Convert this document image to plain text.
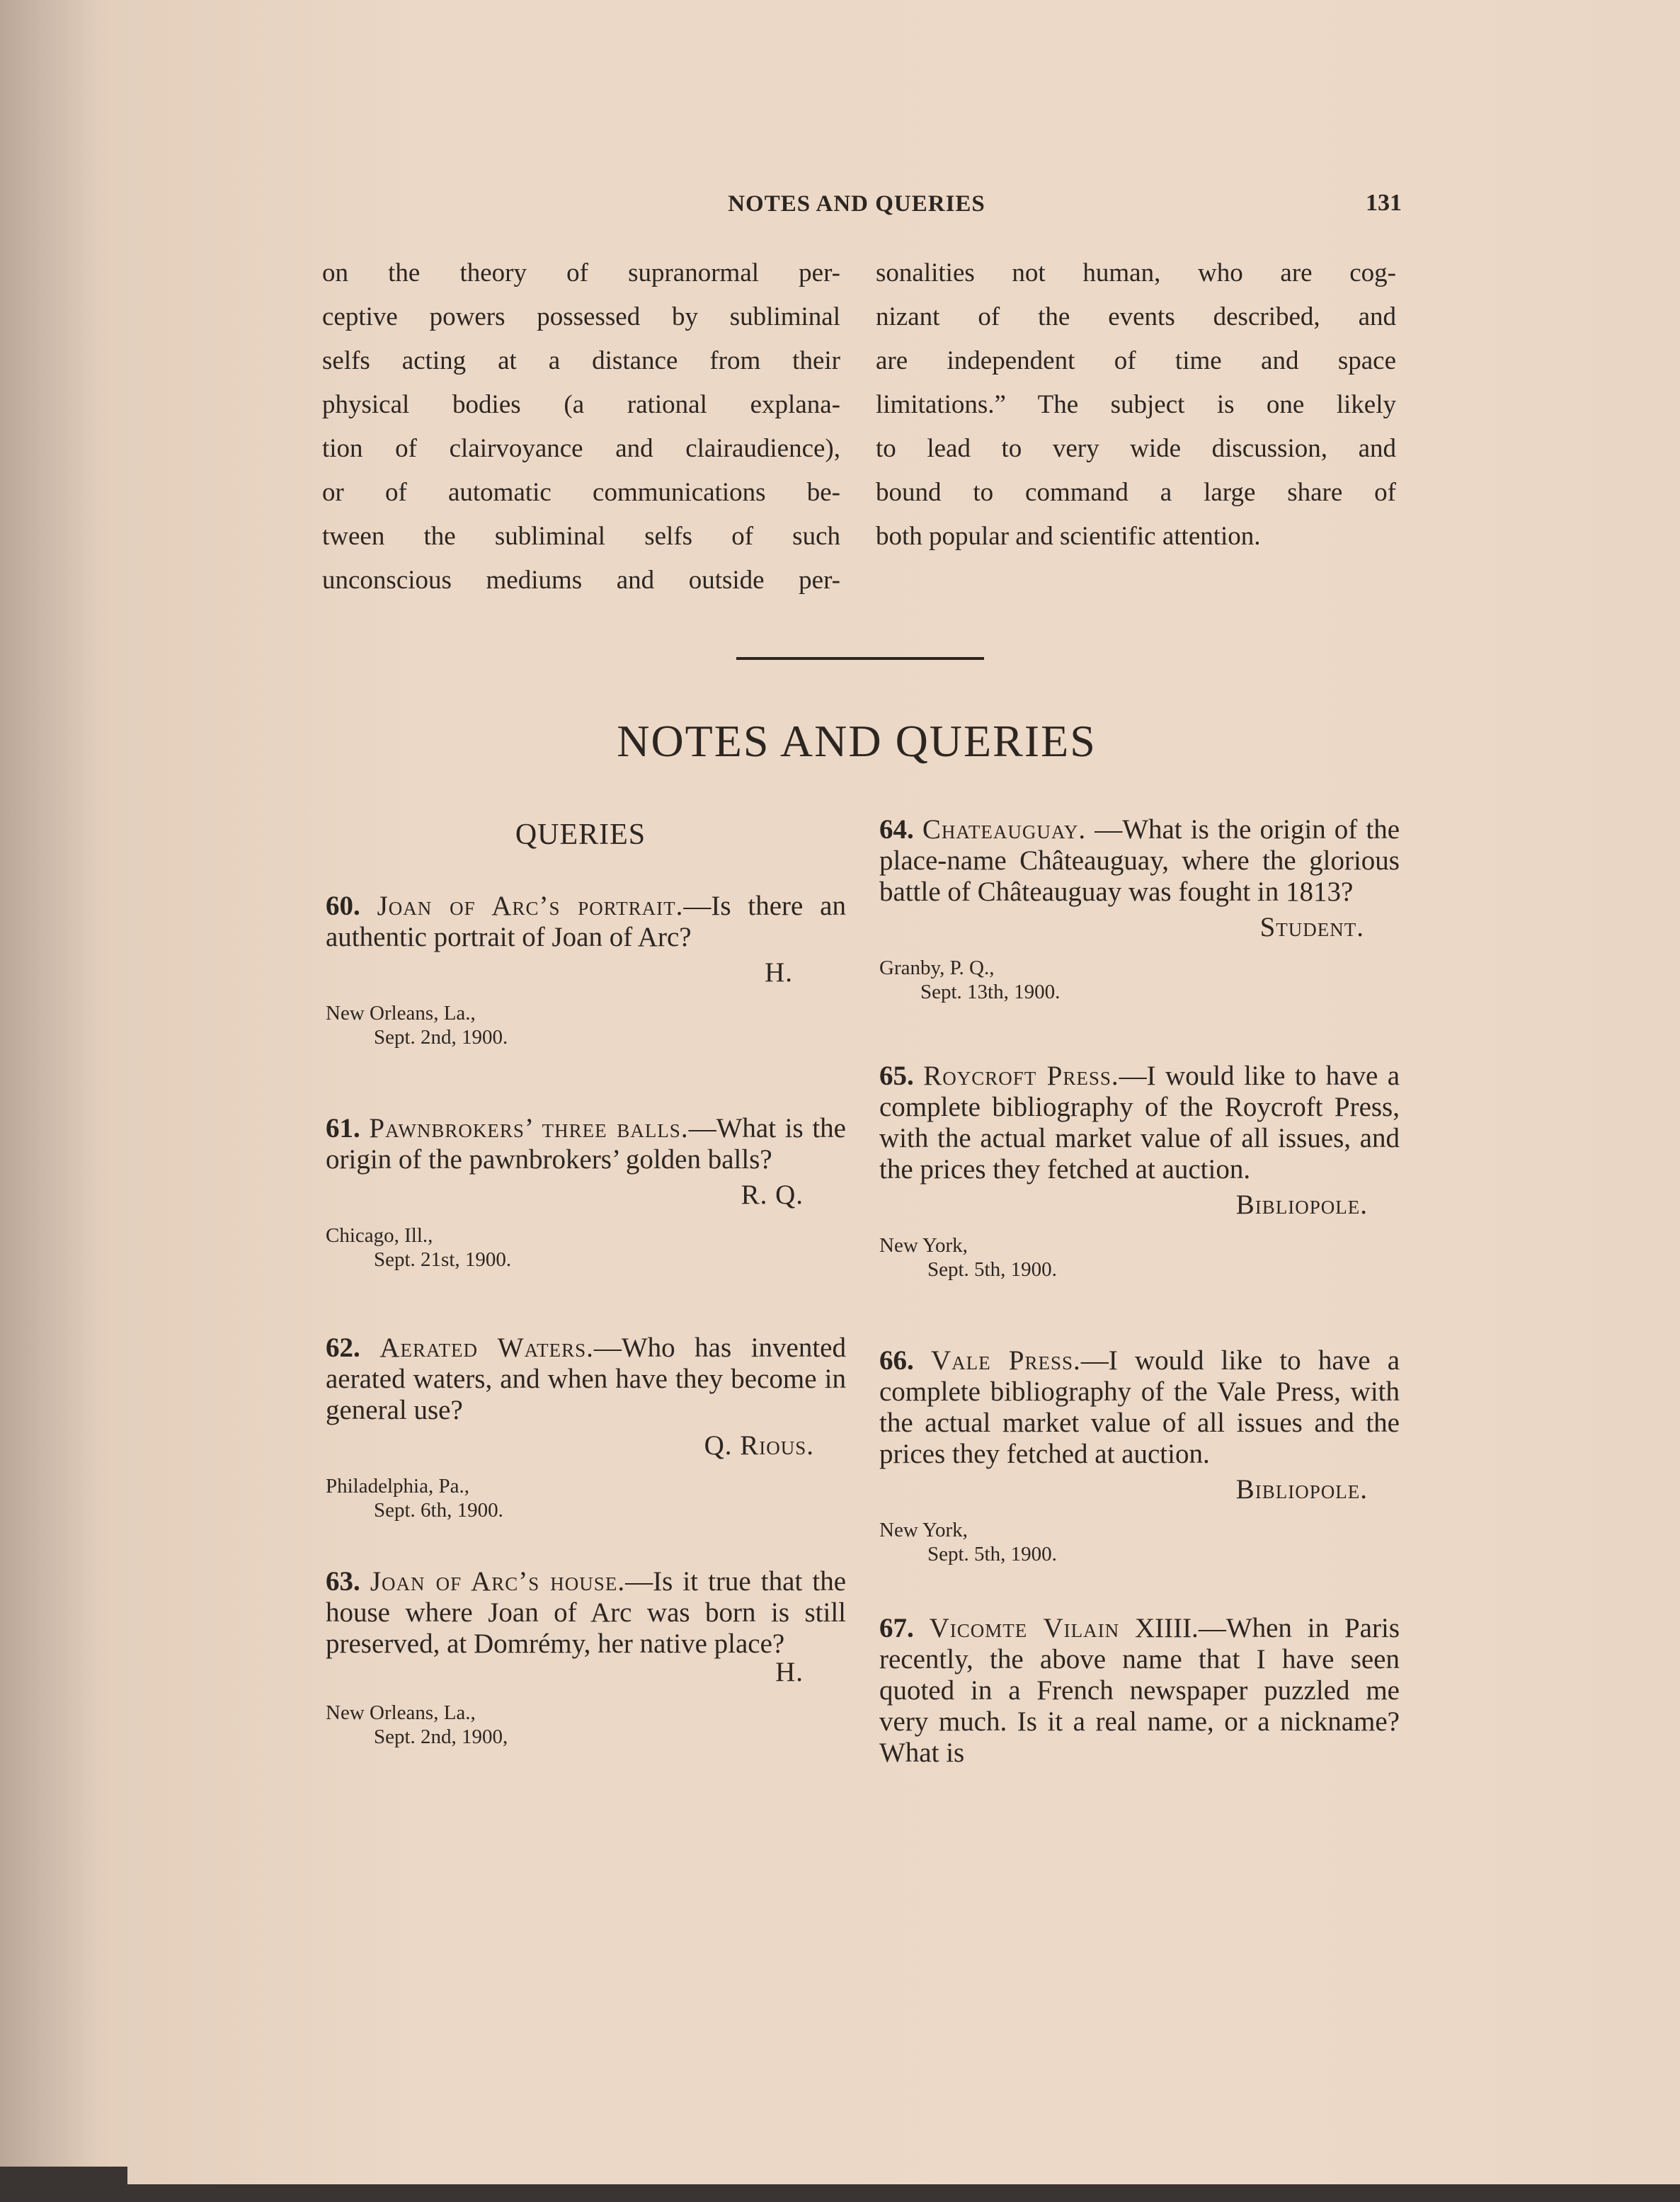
NOTES AND QUERIES	131
on the theory of supranormal per-
ceptive powers possessed by subliminal
selfs acting at a distance from their
physical bodies (a rational explana-
tion of clairvoyance and clairaudience),
or of automatic communications be-
tween the subliminal selfs of such
unconscious mediums and outside per-
sonalities not human, who are cog-
nizant of the events described, and
are independent of time and space
limitations.” The subject is one likely
to lead to very wide discussion, and
bound to command a large share of
both popular and scientific attention.
NOTES AND QUERIES
QUERIES
60. Joan of Arc’s portrait.—Is there an authentic portrait of Joan of Arc?
H.
New Orleans, La.,
Sept. 2nd, 1900.
61. Pawnbrokers’ three balls.—What is the origin of the pawnbrokers’ golden balls?
R. Q.
Chicago, Ill.,
Sept. 21st, 1900.
62. Aerated Waters.—Who has invented aerated waters, and when have they become in general use?
Q. Rious.
Philadelphia, Pa.,
Sept. 6th, 1900.
63. Joan of Arc’s house.—Is it true that the house where Joan of Arc was born is still preserved, at Domrémy, her native place?
H.
New Orleans, La.,
Sept. 2nd, 1900,
64. Chateauguay. —What is the origin of the place-name Châteauguay, where the glorious battle of Châteauguay was fought in 1813?
Student.
Granby, P. Q.,
Sept. 13th, 1900.
65. Roycroft Press.—I would like to have a complete bibliography of the Roycroft Press, with the actual market value of all issues, and the prices they fetched at auction.
Bibliopole.
New York,
Sept. 5th, 1900.
66. Vale Press.—I would like to have a complete bibliography of the Vale Press, with the actual market value of all issues and the prices they fetched at auction.
Bibliopole.
New York,
Sept. 5th, 1900.
67. Vicomte Vilain XIIII.—When in Paris recently, the above name that I have seen quoted in a French newspaper puzzled me very much. Is it a real name, or a nickname? What is
